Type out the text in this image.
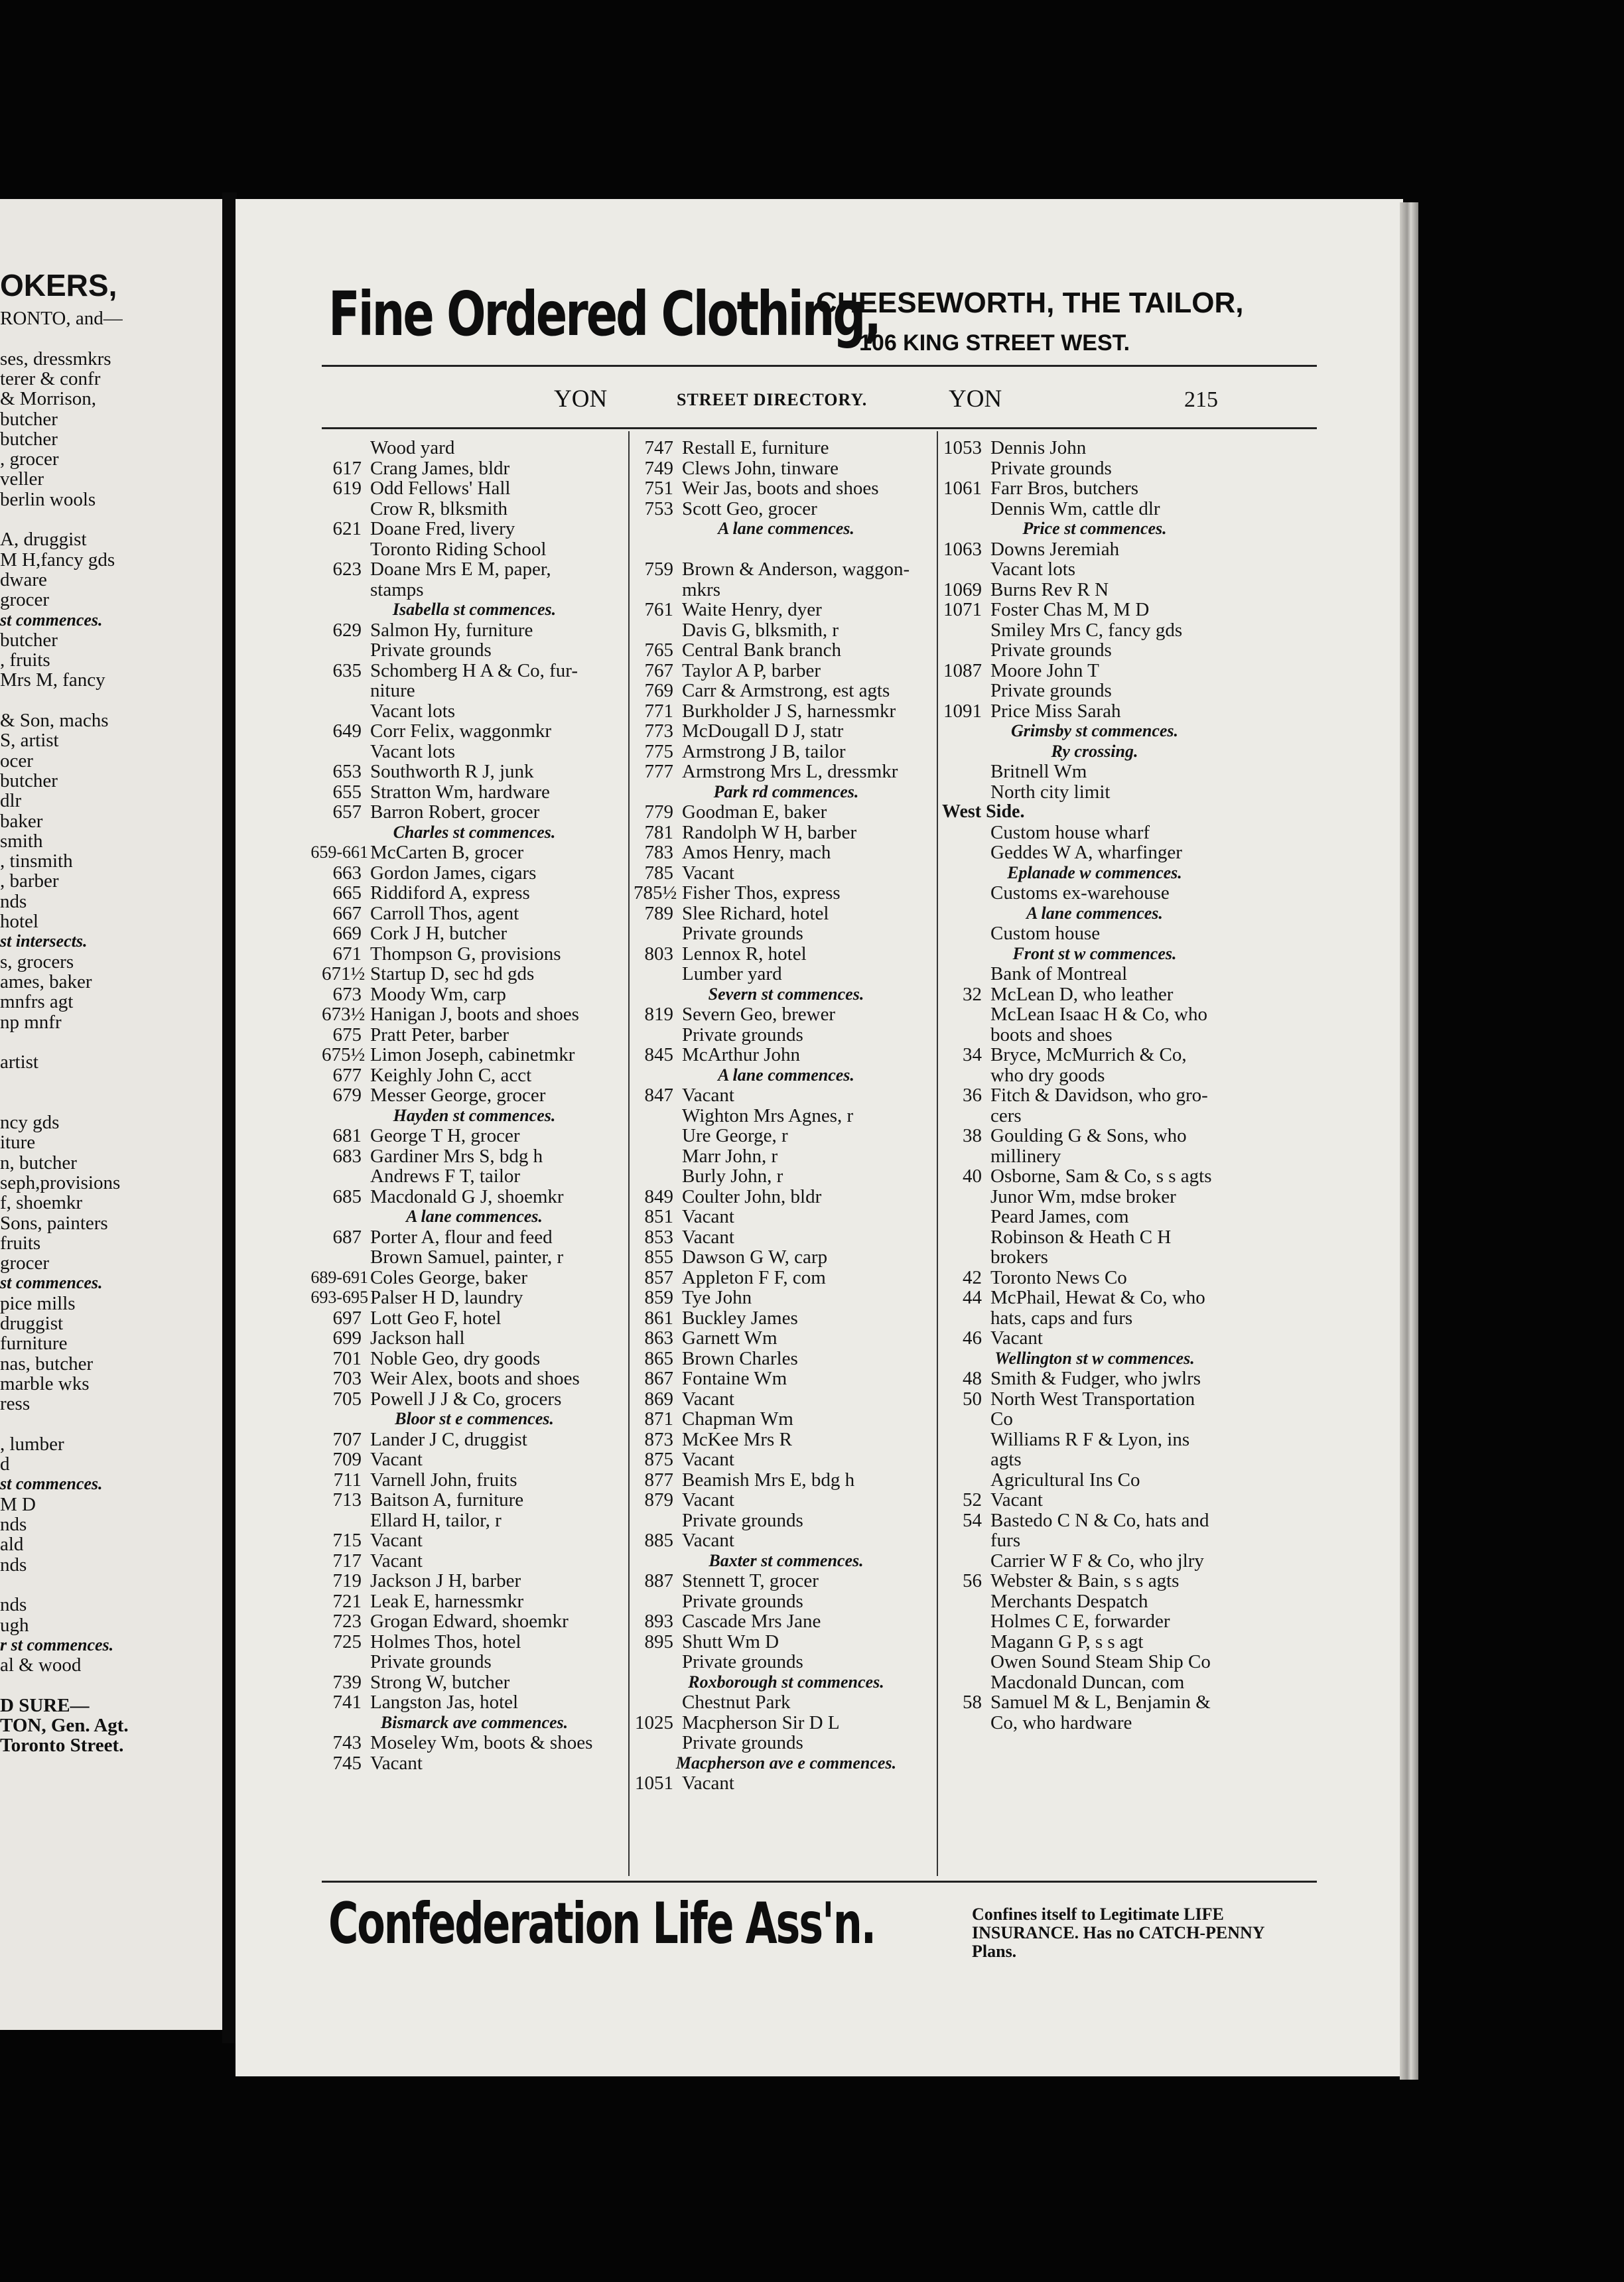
OKERS,
RONTO, and—
ses, dressmkrs
terer & confr
& Morrison,
butcher
butcher
, grocer
veller
berlin wools
A, druggist
M H,fancy gds
dware
grocer
st commences.
butcher
, fruits
Mrs M, fancy
& Son, machs
S, artist
ocer
butcher
dlr
baker
smith
, tinsmith
, barber
nds
hotel
st intersects.
s, grocers
ames, baker
mnfrs agt
np mnfr
artist
ncy gds
iture
n, butcher
seph,provisions
f, shoemkr
Sons, painters
fruits
grocer
st commences.
pice mills
druggist
furniture
nas, butcher
marble wks
ress
, lumber
d
st commences.
M D
nds
ald
nds
nds
ugh
r st commences.
al & wood
D SURE—
TON, Gen. Agt.
Toronto Street.
Fine Ordered Clothing,
CHEESEWORTH, THE TAILOR,
106 KING STREET WEST.
YON	STREET DIRECTORY.	YON	215
Wood yard
617 Crang James, bldr
619 Odd Fellows' Hall
Crow R, blksmith
621 Doane Fred, livery
Toronto Riding School
623 Doane Mrs E M, paper,
stamps
Isabella st commences.
629 Salmon Hy, furniture
Private grounds
635 Schomberg H A & Co, fur-
niture
Vacant lots
649 Corr Felix, waggonmkr
Vacant lots
653 Southworth R J, junk
655 Stratton Wm, hardware
657 Barron Robert, grocer
Charles st commences.
659-661 McCarten B, grocer
663 Gordon James, cigars
665 Riddiford A, express
667 Carroll Thos, agent
669 Cork J H, butcher
671 Thompson G, provisions
671½ Startup D, sec hd gds
673 Moody Wm, carp
673½ Hanigan J, boots and shoes
675 Pratt Peter, barber
675½ Limon Joseph, cabinetmkr
677 Keighly John C, acct
679 Messer George, grocer
Hayden st commences.
681 George T H, grocer
683 Gardiner Mrs S, bdg h
Andrews F T, tailor
685 Macdonald G J, shoemkr
A lane commences.
687 Porter A, flour and feed
Brown Samuel, painter, r
689-691 Coles George, baker
693-695 Palser H D, laundry
697 Lott Geo F, hotel
699 Jackson hall
701 Noble Geo, dry goods
703 Weir Alex, boots and shoes
705 Powell J J & Co, grocers
Bloor st e commences.
707 Lander J C, druggist
709 Vacant
711 Varnell John, fruits
713 Baitson A, furniture
Ellard H, tailor, r
715 Vacant
717 Vacant
719 Jackson J H, barber
721 Leak E, harnessmkr
723 Grogan Edward, shoemkr
725 Holmes Thos, hotel
Private grounds
739 Strong W, butcher
741 Langston Jas, hotel
Bismarck ave commences.
743 Moseley Wm, boots & shoes
745 Vacant
747 Restall E, furniture
749 Clews John, tinware
751 Weir Jas, boots and shoes
753 Scott Geo, grocer
A lane commences.
759 Brown & Anderson, waggon-
mkrs
761 Waite Henry, dyer
Davis G, blksmith, r
765 Central Bank branch
767 Taylor A P, barber
769 Carr & Armstrong, est agts
771 Burkholder J S, harnessmkr
773 McDougall D J, statr
775 Armstrong J B, tailor
777 Armstrong Mrs L, dressmkr
Park rd commences.
779 Goodman E, baker
781 Randolph W H, barber
783 Amos Henry, mach
785 Vacant
785½ Fisher Thos, express
789 Slee Richard, hotel
Private grounds
803 Lennox R, hotel
Lumber yard
Severn st commences.
819 Severn Geo, brewer
Private grounds
845 McArthur John
A lane commences.
847 Vacant
Wighton Mrs Agnes, r
Ure George, r
Marr John, r
Burly John, r
849 Coulter John, bldr
851 Vacant
853 Vacant
855 Dawson G W, carp
857 Appleton F F, com
859 Tye John
861 Buckley James
863 Garnett Wm
865 Brown Charles
867 Fontaine Wm
869 Vacant
871 Chapman Wm
873 McKee Mrs R
875 Vacant
877 Beamish Mrs E, bdg h
879 Vacant
Private grounds
885 Vacant
Baxter st commences.
887 Stennett T, grocer
Private grounds
893 Cascade Mrs Jane
895 Shutt Wm D
Private grounds
Roxborough st commences.
Chestnut Park
1025 Macpherson Sir D L
Private grounds
Macpherson ave e commences.
1051 Vacant
1053 Dennis John
Private grounds
1061 Farr Bros, butchers
Dennis Wm, cattle dlr
Price st commences.
1063 Downs Jeremiah
Vacant lots
1069 Burns Rev R N
1071 Foster Chas M, M D
Smiley Mrs C, fancy gds
Private grounds
1087 Moore John T
Private grounds
1091 Price Miss Sarah
Grimsby st commences.
Ry crossing.
Britnell Wm
North city limit
West Side.
Custom house wharf
Geddes W A, wharfinger
Eplanade w commences.
Customs ex-warehouse
A lane commences.
Custom house
Front st w commences.
Bank of Montreal
32 McLean D, who leather
McLean Isaac H & Co, who
boots and shoes
34 Bryce, McMurrich & Co,
who dry goods
36 Fitch & Davidson, who gro-
cers
38 Goulding G & Sons, who
millinery
40 Osborne, Sam & Co, s s agts
Junor Wm, mdse broker
Peard James, com
Robinson & Heath C H
brokers
42 Toronto News Co
44 McPhail, Hewat & Co, who
hats, caps and furs
46 Vacant
Wellington st w commences.
48 Smith & Fudger, who jwlrs
50 North West Transportation
Co
Williams R F & Lyon, ins
agts
Agricultural Ins Co
52 Vacant
54 Bastedo C N & Co, hats and
furs
Carrier W F & Co, who jlry
56 Webster & Bain, s s agts
Merchants Despatch
Holmes C E, forwarder
Magann G P, s s agt
Owen Sound Steam Ship Co
Macdonald Duncan, com
58 Samuel M & L, Benjamin &
Co, who hardware
Confederation Life Ass'n.	Confines itself to Legitimate LIFE
INSURANCE. Has no CATCH-PENNY
Plans.
